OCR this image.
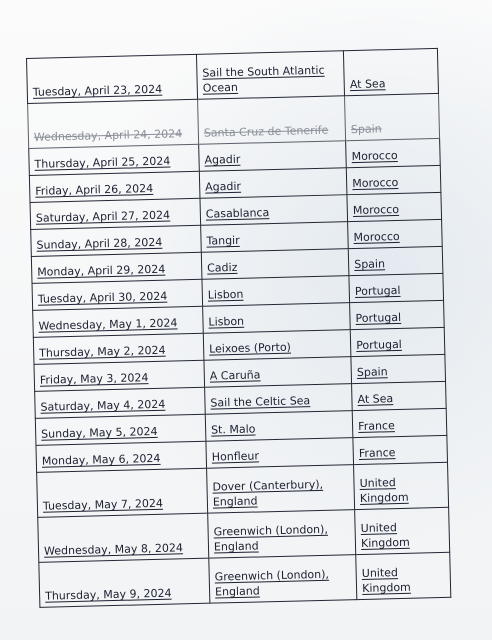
Tuesday, April 23, 2024	Sail the South Atlantic Ocean	At Sea
Wednesday, April 24, 2024	Santa Cruz de Tenerife	Spain
Thursday, April 25, 2024	Agadir	Morocco
Friday, April 26, 2024	Agadir	Morocco
Saturday, April 27, 2024	Casablanca	Morocco
Sunday, April 28, 2024	Tangir	Morocco
Monday, April 29, 2024	Cadiz	Spain
Tuesday, April 30, 2024	Lisbon	Portugal
Wednesday, May 1, 2024	Lisbon	Portugal
Thursday, May 2, 2024	Leixoes (Porto)	Portugal
Friday, May 3, 2024	A Caruña	Spain
Saturday, May 4, 2024	Sail the Celtic Sea	At Sea
Sunday, May 5, 2024	St. Malo	France
Monday, May 6, 2024	Honfleur	France
Tuesday, May 7, 2024	Dover (Canterbury), England	United Kingdom
Wednesday, May 8, 2024	Greenwich (London), England	United Kingdom
Thursday, May 9, 2024	Greenwich (London), England	United Kingdom
